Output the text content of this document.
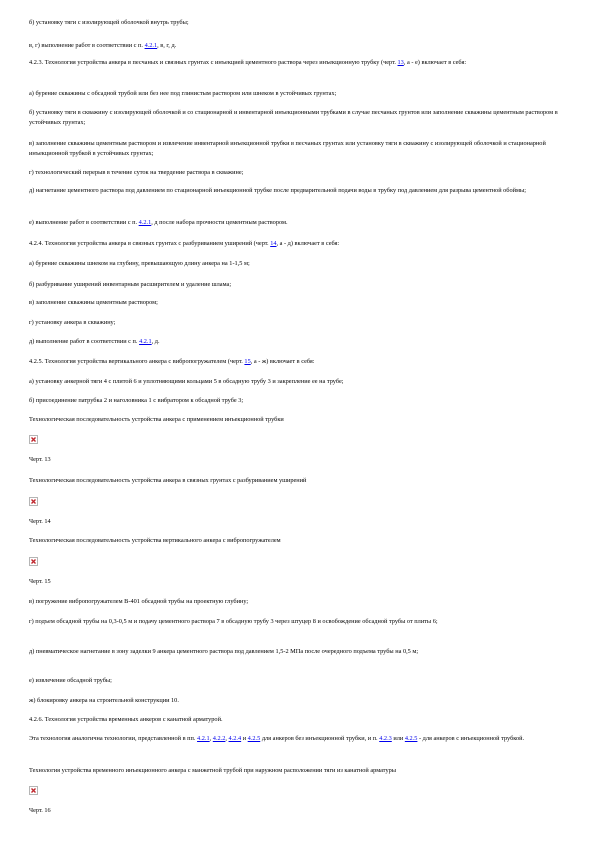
б) установку тяги с изолирующей оболочкой внутрь трубы;

в, г) выполнение работ в соответствии с п. 4.2.1, в, г, д.

4.2.3. Технология устройства анкера в песчаных и связных грунтах с инъекцией цементного раствора через инъекционную трубку (черт. 13, а - е) включает в себя:

а) бурение скважины с обсадной трубой или без нее под глинистым раствором или шнеком в устойчивых грунтах;

б) установку тяги в скважину с изолирующей оболочкой и со стационарной и инвентарной инъекционными трубками в случае песчаных грунтов или заполнение скважины цементным раствором в устойчивых грунтах;

в) заполнение скважины цементным раствором и извлечение инвентарной инъекционной трубки в песчаных грунтах или установку тяги в скважину с изолирующей оболочкой и стационарной инъекционной трубкой в устойчивых грунтах;

г) технологический перерыв в течение суток на твердение раствора в скважине;

д) нагнетание цементного раствора под давлением по стационарной инъекционной трубке после предварительной подачи воды в трубку под давлением для разрыва цементной обоймы;

е) выполнение работ в соответствии с п. 4.2.1, д после набора прочности цементным раствором.

4.2.4. Технология устройства анкера в связных грунтах с разбуриванием уширений (черт. 14, а - д) включает в себя:

а) бурение скважины шнеком на глубину, превышающую длину анкера на 1-1,5 м;

б) разбуривание уширений инвентарным расширителем и удаление шлама;

в) заполнение скважины цементным раствором;

г) установку анкера в скважину;

д) выполнение работ в соответствии с п. 4.2.1, д.

4.2.5. Технология устройства вертикального анкера с вибропогружателем (черт. 15, а - ж) включает в себя:

а) установку анкерной тяги 4 с плитой 6 и уплотняющими кольцами 5 в обсадную трубу 3 и закрепление ее на трубе;

б) присоединение патрубка 2 и наголовника 1 с вибратором к обсадной трубе 3;

Технологическая последовательность устройства анкера с применением инъекционной трубки

Черт. 13

Технологическая последовательность устройства анкера в связных грунтах с разбуриванием уширений

Черт. 14

Технологическая последовательность устройства вертикального анкера с вибропогружателем

Черт. 15

в) погружение вибропогружателем В-401 обсадной трубы на проектную глубину;

г) подъем обсадной трубы на 0,3-0,5 м и подачу цементного раствора 7 в обсадную трубу 3 через штуцер 8 и освобождение обсадной трубы от плиты 6;

д) пневматическое нагнетание в зону заделки 9 анкера цементного раствора под давлением 1,5-2 МПа после очередного подъема трубы на 0,5 м;

е) извлечение обсадной трубы;

ж) блокировку анкера на строительной конструкции 10.

4.2.6. Технология устройства временных анкеров с канатной арматурой.

Эта технология аналогична технологии, представленной в пп. 4.2.1, 4.2.2, 4.2.4 и 4.2.5 для анкеров без инъекционной трубки, и п. 4.2.3 или 4.2.5 - для анкеров с инъекционной трубкой.

Технология устройства временного инъекционного анкера с манжетной трубой при наружном расположении тяги из канатной арматуры

Черт. 16
